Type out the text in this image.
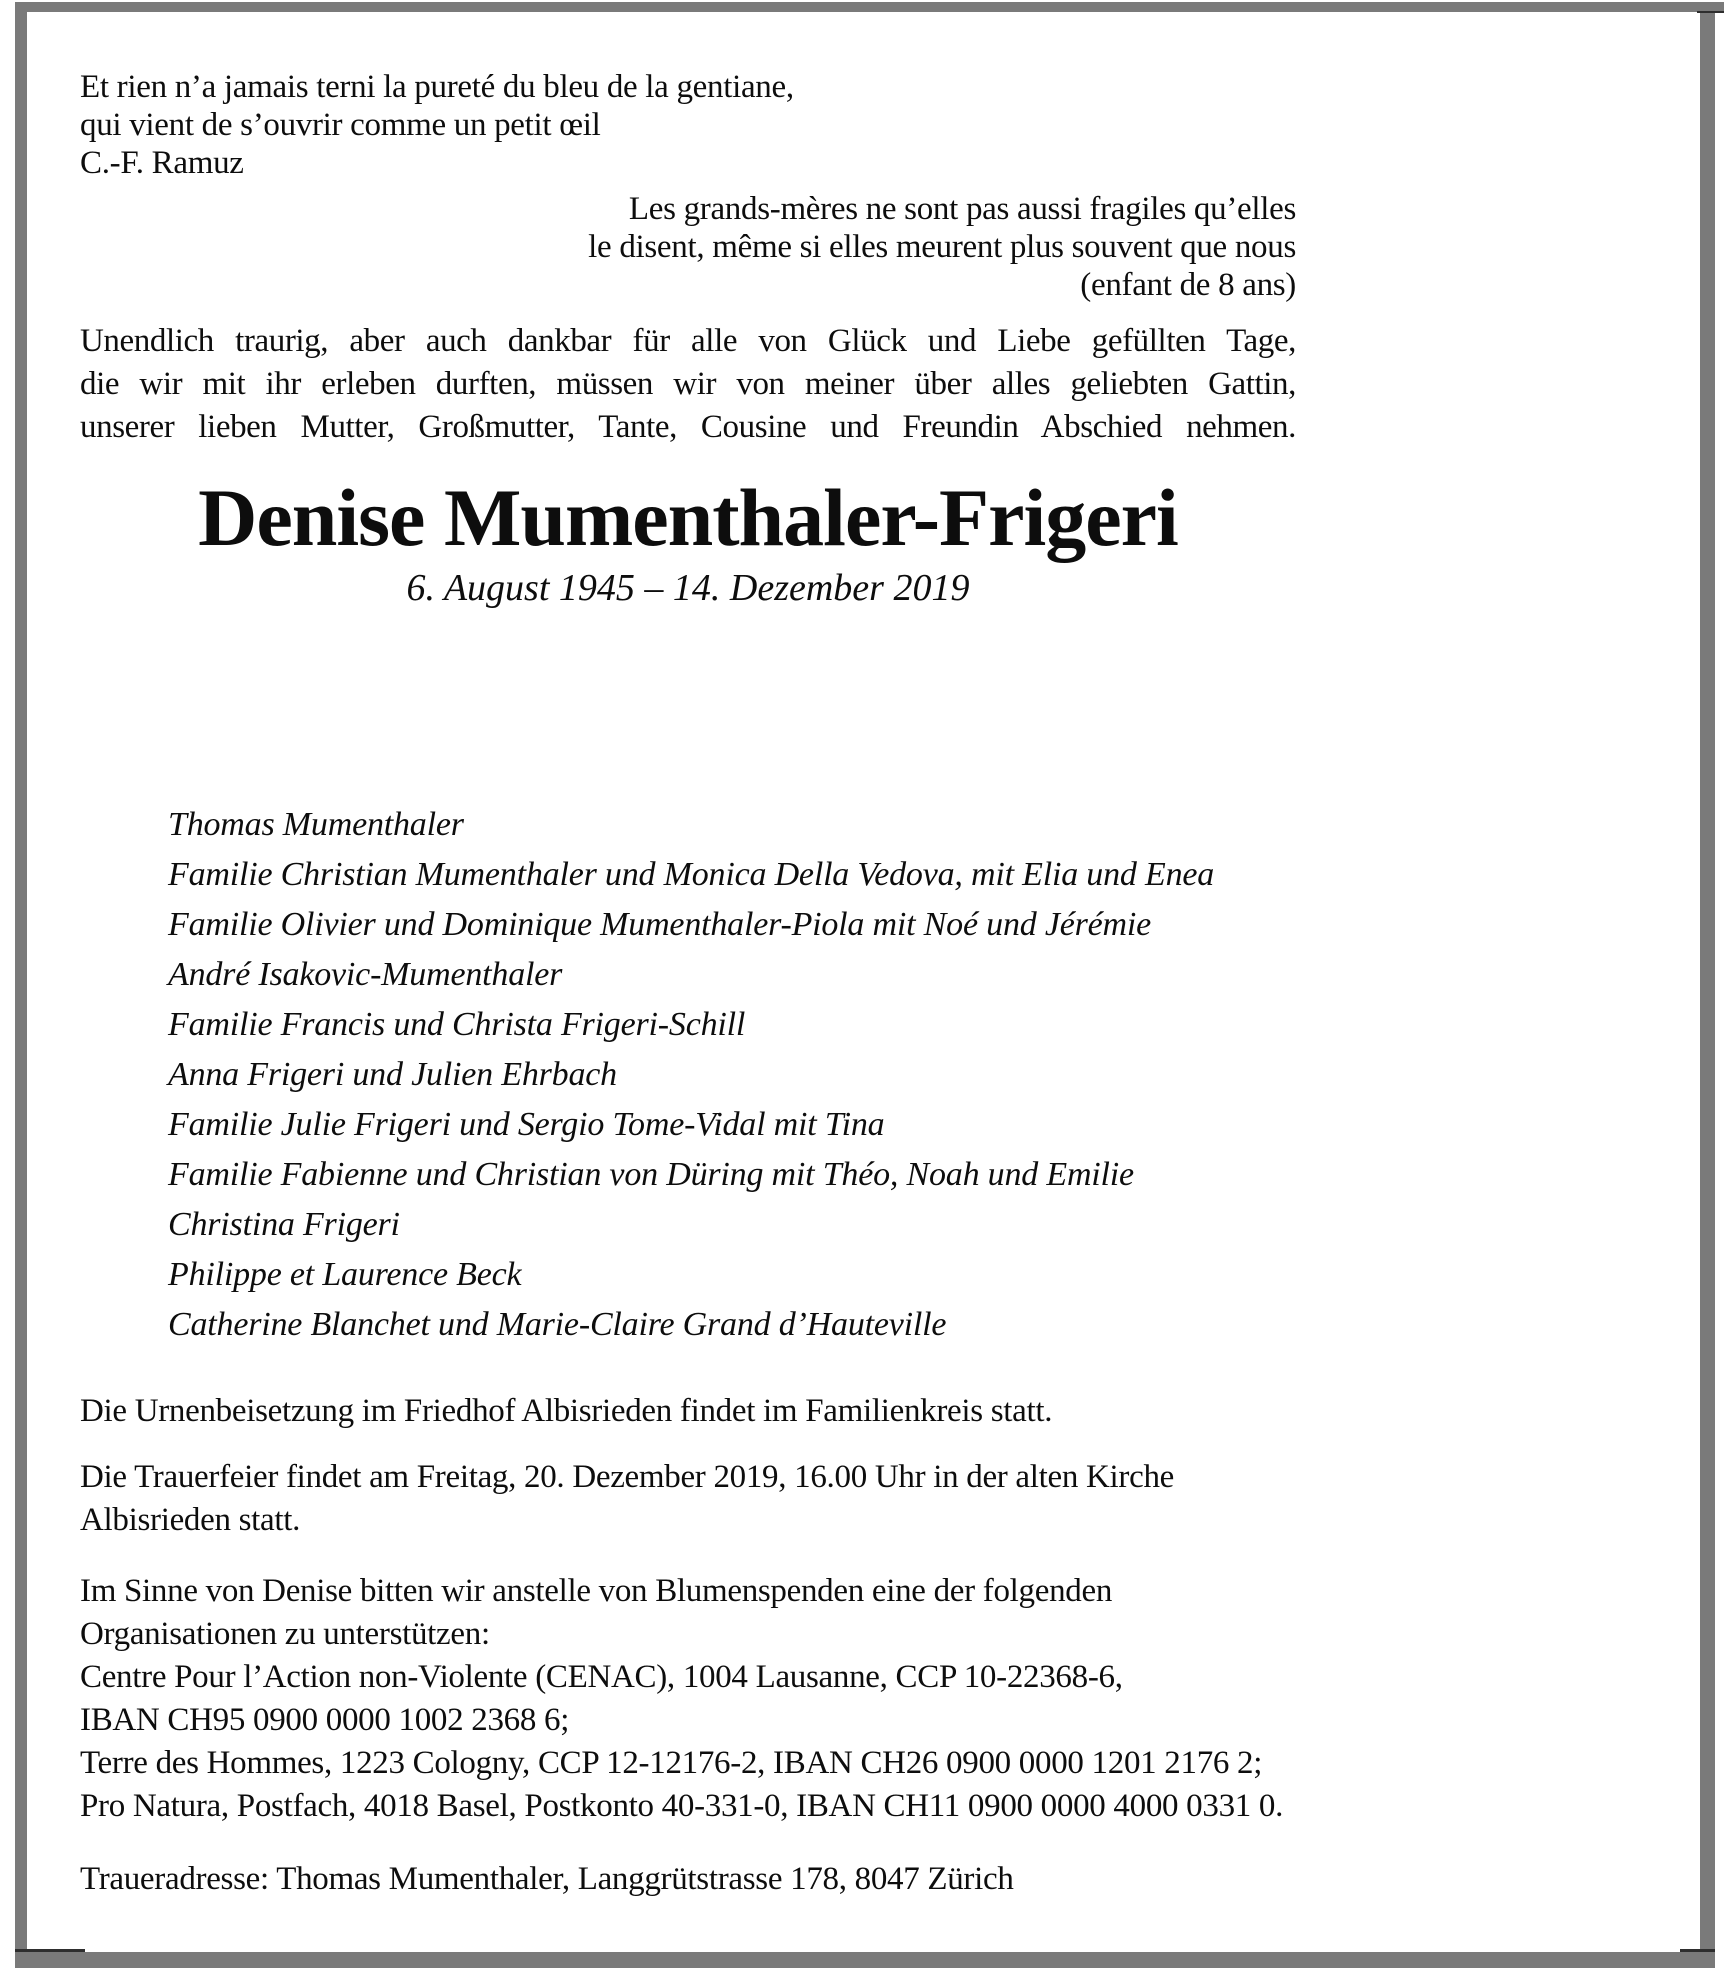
Et rien n’a jamais terni la pureté du bleu de la gentiane,
qui vient de s’ouvrir comme un petit œil
C.-F. Ramuz
Les grands-mères ne sont pas aussi fragiles qu’elles
le disent, même si elles meurent plus souvent que nous
(enfant de 8 ans)
Unendlich traurig, aber auch dankbar für alle von Glück und Liebe gefüllten Tage,
die wir mit ihr erleben durften, müssen wir von meiner über alles geliebten Gattin,
unserer lieben Mutter, Großmutter, Tante, Cousine und Freundin Abschied nehmen.
Denise Mumenthaler-Frigeri
6. August 1945 – 14. Dezember 2019
Thomas Mumenthaler
Familie Christian Mumenthaler und Monica Della Vedova, mit Elia und Enea
Familie Olivier und Dominique Mumenthaler-Piola mit Noé und Jérémie
André Isakovic-Mumenthaler
Familie Francis und Christa Frigeri-Schill
Anna Frigeri und Julien Ehrbach
Familie Julie Frigeri und Sergio Tome-Vidal mit Tina
Familie Fabienne und Christian von Düring mit Théo, Noah und Emilie
Christina Frigeri
Philippe et Laurence Beck
Catherine Blanchet und Marie-Claire Grand d’Hauteville
Die Urnenbeisetzung im Friedhof Albisrieden findet im Familienkreis statt.
Die Trauerfeier findet am Freitag, 20. Dezember 2019, 16.00 Uhr in der alten Kirche
Albisrieden statt.
Im Sinne von Denise bitten wir anstelle von Blumenspenden eine der folgenden
Organisationen zu unterstützen:
Centre Pour l’Action non-Violente (CENAC), 1004 Lausanne, CCP 10-22368-6,
IBAN CH95 0900 0000 1002 2368 6;
Terre des Hommes, 1223 Cologny, CCP 12-12176-2, IBAN CH26 0900 0000 1201 2176 2;
Pro Natura, Postfach, 4018 Basel, Postkonto 40-331-0, IBAN CH11 0900 0000 4000 0331 0.
Traueradresse: Thomas Mumenthaler, Langgrütstrasse 178, 8047 Zürich
